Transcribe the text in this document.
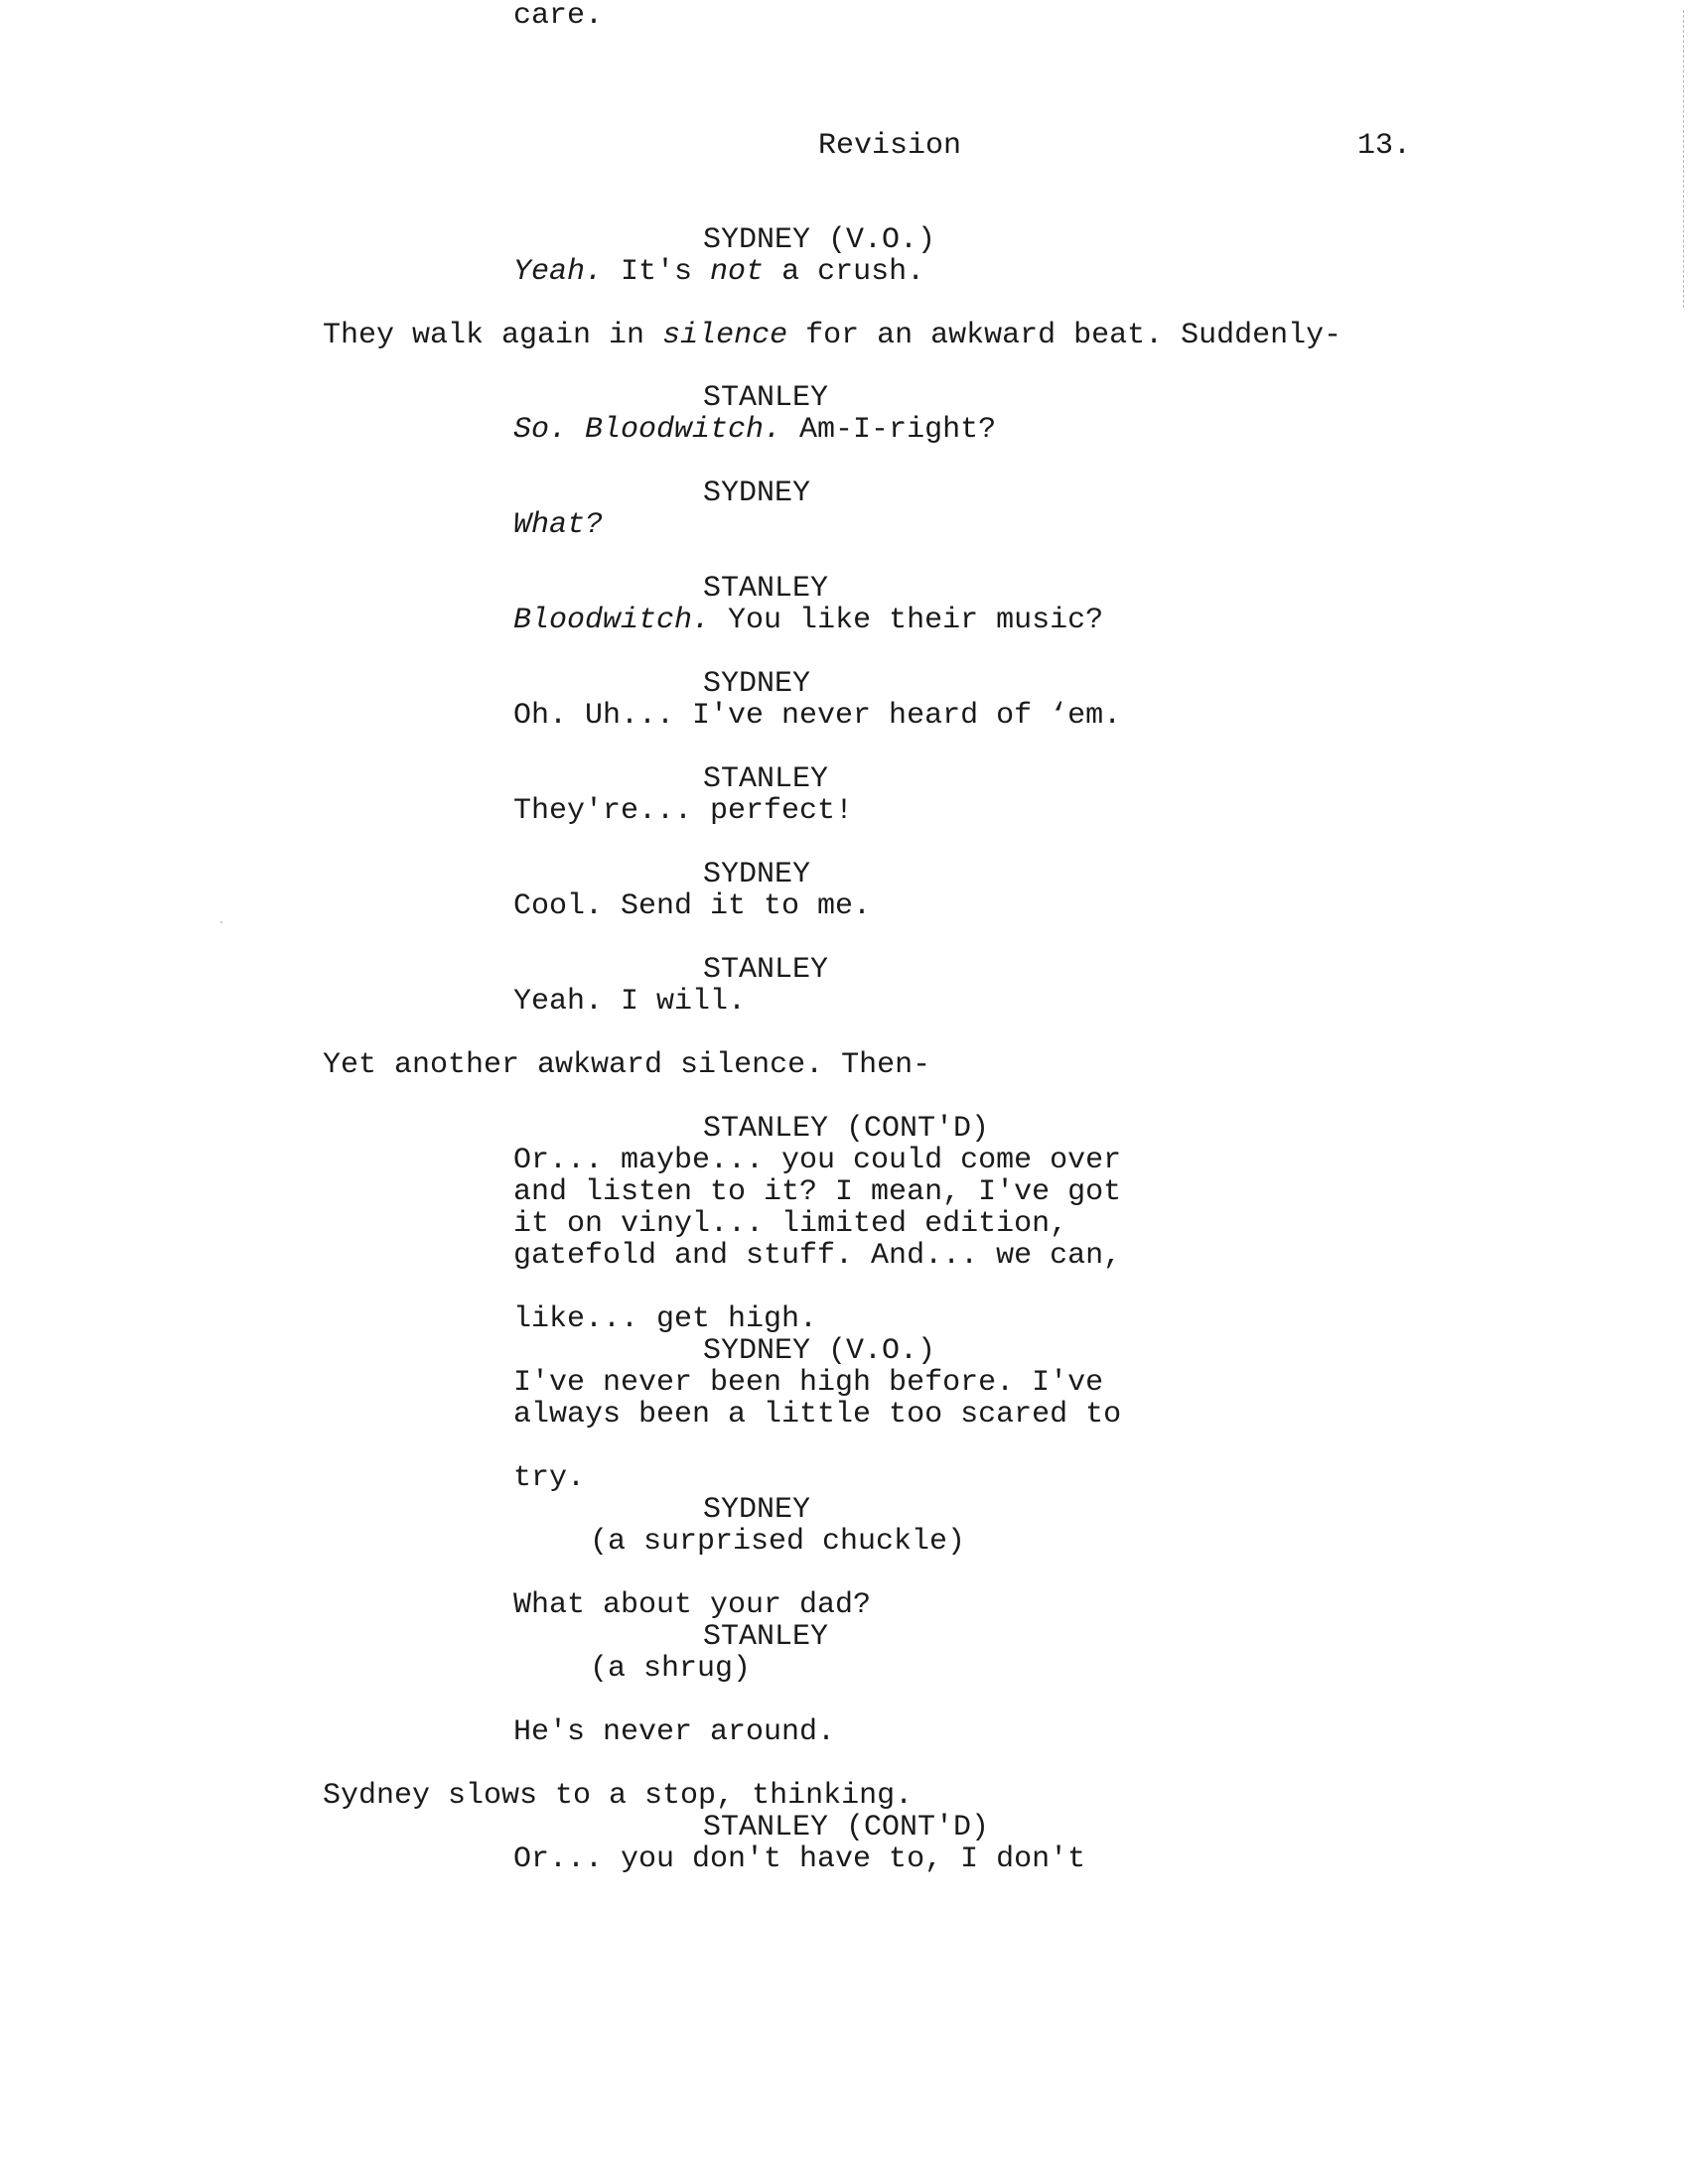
Revision	13.
SYDNEY (V.O.)
Yeah. It's not a crush.
They walk again in silence for an awkward beat. Suddenly-
STANLEY
So. Bloodwitch. Am-I-right?
SYDNEY
What?
STANLEY
Bloodwitch. You like their music?
SYDNEY
Oh. Uh... I've never heard of ‘em.
STANLEY
They're... perfect!
SYDNEY
Cool. Send it to me.
STANLEY
Yeah. I will.
Yet another awkward silence. Then-
STANLEY (CONT'D)
Or... maybe... you could come over
and listen to it? I mean, I've got
it on vinyl... limited edition,
gatefold and stuff. And... we can,
like... get high.
SYDNEY (V.O.)
I've never been high before. I've
always been a little too scared to
try.
SYDNEY
(a surprised chuckle)
What about your dad?
STANLEY
(a shrug)
He's never around.
Sydney slows to a stop, thinking.
STANLEY (CONT'D)
Or... you don't have to, I don't
care.
